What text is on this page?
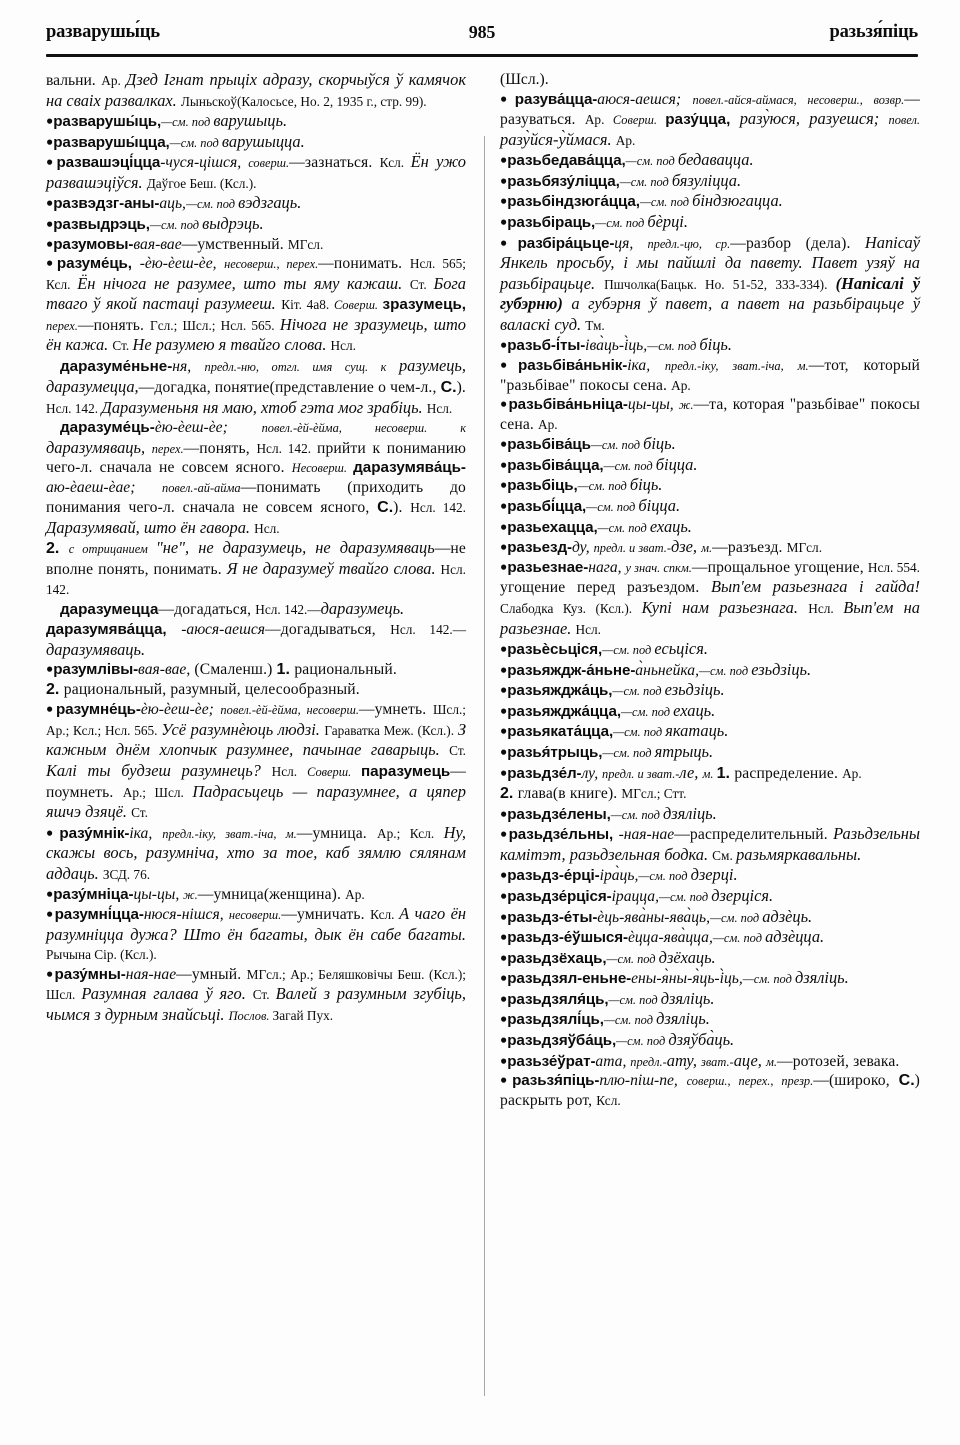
разварушы́ць	985	разьзя́піць

вальни. Ар. Дзед Ігнат прыціх адразу, скорчыўся ў камячок на сваіх развалках. Лыньскоў(Калосьсе, Но. 2, 1935 г., стр. 99).

●разварушы́ць,—см. под варушыць.

●разварушы́цца,—см. под варушыцца.

●развашэці́цца-чуся-цішся, соверш.—зазнаться. Ксл. Ён ужо развашэціўся. Даўгое Беш. (Ксл.).

●развэдзг-аны-аць,—см. под вэдзгаць.

●развыдрэць,—см. под выдрэць.

●разумовы-вая-вае—умственный. МГсл.

●разуме́ць, -ѐю-ѐеш-ѐе, несоверш., перех.—понимать. Нсл. 565; Ксл. Ён нічога не разумее, што ты яму кажаш. Ст. Бога тваго ў якой пастаці разумееш. Кіт. 4а8. Соверш. зразумець, перех.—понять. Гсл.; Шсл.; Нсл. 565. Нічога не зразумець, што ён кажа. Ст. Не разумею я твайго слова. Нсл.

даразуме́ньне-ня, предл.-ню, отгл. имя сущ. к разумець, даразумецца,—догадка, понятие(представление о чем-л., С.). Нсл. 142. Даразуменьня ня маю, хтоб гэта мог зрабіць. Нсл.

даразуме́ць-ѐю-ѐеш-ѐе; повел.-ѐй-ѐйма, несоверш. к даразумяваць, перех.—понять, Нсл. 142. прийти к пониманию чего-л. сначала не совсем ясного. Несоверш. даразумява́ць-аю-ѐаеш-ѐае; повел.-ай-айма—понимать (приходить до понимания чего-л. сначала не совсем ясного, С.). Нсл. 142. Даразумявай, што ён гавора. Нсл.

2. с отрицанием "не", не даразумець, не даразумяваць—не вполне понять, понимать. Я не даразумеў твайго слова. Нсл. 142.

даразумецца—догадаться, Нсл. 142.—даразумець.

даразумява́цца, -аюся-аешся—догадываться, Нсл. 142.—даразумяваць.

●разумлівы-вая-вае, (Смаленш.) 1. рациональный.

2. рациональный, разумный, целесообразный.

●разумне́ць-ѐю-ѐеш-ѐе; повел.-ѐй-ѐйма, несоверш.—умнеть. Шсл.; Ар.; Ксл.; Нсл. 565. Усё разумнѐюць людзі. Гараватка Меж. (Ксл.). З кажным днём хлопчык разумнее, пачынае гаварыць. Ст. Калі ты будзеш разумнець? Нсл. Соверш. паразумець—поумнеть. Ар.; Шсл. Падрасьцець — паразумнее, а цяпер яшчэ дзяцё. Ст.

●разу́мнік-іка, предл.-іку, зват.-іча, м.—умница. Ар.; Ксл. Ну, скажы вось, разумніча, хто за тое, каб зямлю сялянам аддаць. ЗСД. 76.

●разу́мніца-цы-цы, ж.—умница(женщина). Ар.

●разумні́цца-нюся-нішся, несоверш.—умничать. Ксл. А чаго ён разумніцца дужа? Што ён багаты, дык ён сабе багаты. Рычына Сір. (Ксл.).

●разу́мны-ная-нае—умный. МГсл.; Ар.; Беляшковічы Беш. (Ксл.); Шсл. Разумная галава ў яго. Ст. Валей з разумным згубіць, чымся з дурным знайсьці. Послов. Загай Пух.

(Шсл.).

●разува́цца-аюся-аешся; повел.-айся-аймася, несоверш., возвр.—разуваться. Ар. Соверш. разу́цца, разу̀юся, разуешся; повел. разу̀йся-у̀ймася. Ар.

●разьбедава́цца,—см. под бедавацца.

●разьбязу́ліцца,—см. под бязуліцца.

●разьбіндзюга́цца,—см. под біндзюгацца.

●разьбіраць,—см. под бѐрці.

●разбіра́цьце-ця, предл.-цю, ср.—разбор (дела). Напісаў Янкель просьбу, і мы пайшлі да павету. Павет узяў на разьбірацьце. Пшчолка(Бацьк. Но. 51-52, 333-334). (Напісалі ў губэрню) а губэрня ў павет, а павет на разьбірацьце ў валаскі суд. Тм.

●разьб-і́ты-іва̀ць-і̀ць,—см. под біць.

●разьбіва́ньнік-іка, предл.-іку, зват.-іча, м.—тот, который "разьбівае" покосы сена. Ар.

●разьбіва́ньніца-цы-цы, ж.—та, которая "разьбівае" покосы сена. Ар.

●разьбіва́ць—см. под біць.

●разьбіва́цца,—см. под біцца.

●разьбіць,—см. под біць.

●разьбі́цца,—см. под біцца.

●разьехацца,—см. под ехаць.

●разьезд-ду, предл. и зват.-дзе, м.—разъезд. МГсл.

●разьезнае-нага, у знач. спкм.—прощальное угощение, Нсл. 554. угощение перед разъездом. Вып'ем разьезнага і гайда! Слабодка Куз. (Ксл.). Купі нам разьезнага. Нсл. Вып'ем на разьезнае. Нсл.

●разьѐсьціся,—см. под есьціся.

●разьяждж-а́ньне-а̀ньнейка,—см. под езьдзіць.

●разьяжджа́ць,—см. под езьдзіць.

●разьяжджа́цца,—см. под ехаць.

●разьяката́цца,—см. под якатаць.

●разья́трыць,—см. под ятрыць.

●разьдзе́л-лу, предл. и зват.-ле, м. 1. распределение. Ар.

2. глава(в книге). МГсл.; Стт.

●разьдзе́лены,—см. под дзяліць.

●разьдзе́льны, -ная-нае—распределительный. Разьдзельны камітэт, разьдзельная бодка. См. разьмяркавальны.

●разьдз-е́рці-іра̀ць,—см. под дзерці.

●разьдзе́рціся-ірацца,—см. под дзерціся.

●разьдз-е́ты-ѐць-ява̀ны-ява̀ць,—см. под адзѐць.

●разьдз-е́ўшыся-ѐцца-ява̀цца,—см. под адзѐцца.

●разьдзёхаць,—см. под дзёхаць.

●разьдзял-еньне-ены-я̀ны-я̀ць-і̀ць,—см. под дзяліць.

●разьдзяля́ць,—см. под дзяліць.

●разьдзялі́ць,—см. под дзяліць.

●разьдзяўба́ць,—см. под дзяўба̀ць.

●разьзе́ўрат-ата, предл.-ату, зват.-аце, м.—ротозей, зевака.

●разьзя́піць-плю-піш-пе, соверш., перех., презр.—(широко, С.) раскрыть рот, Ксл.
